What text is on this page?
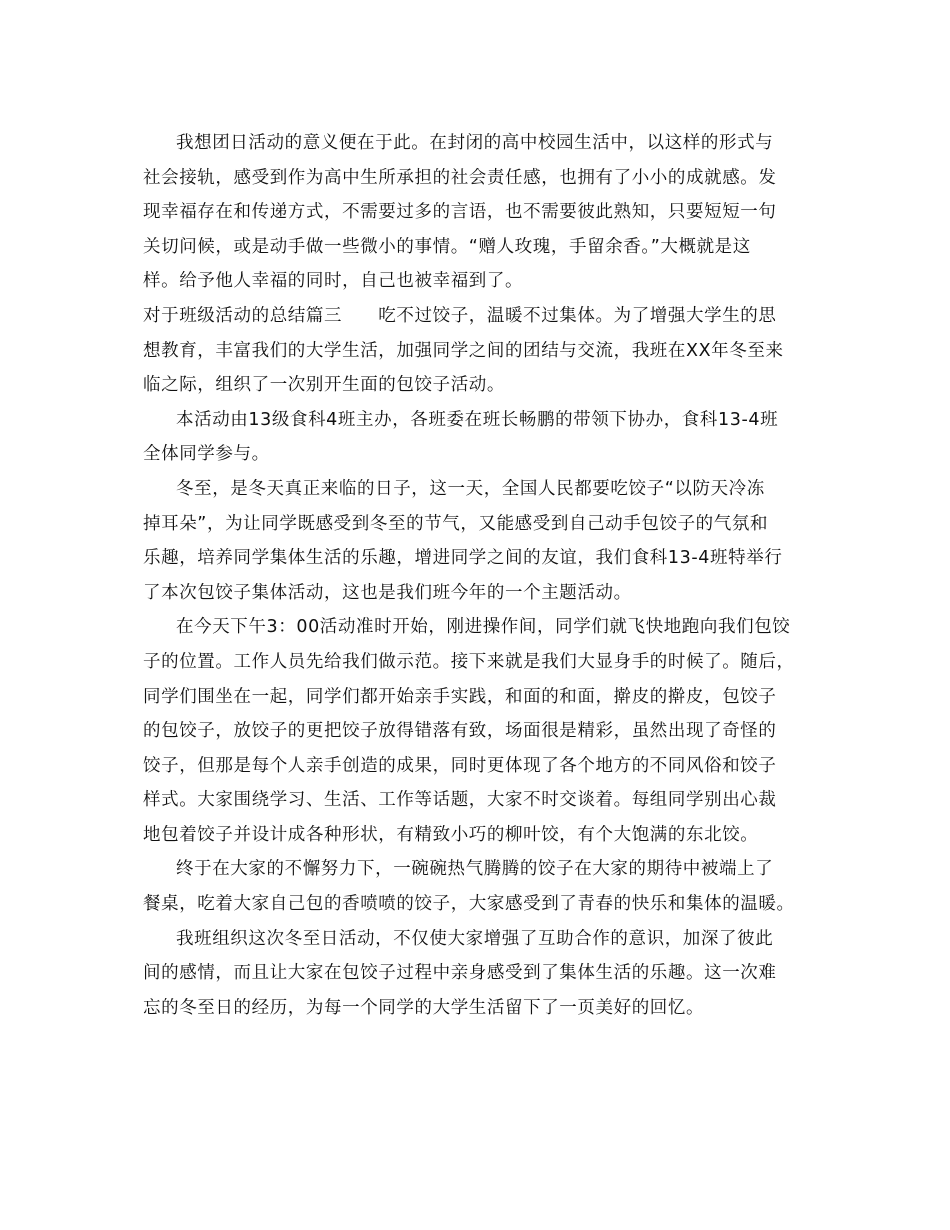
我想团日活动的意义便在于此。在封闭的高中校园生活中，以这样的形式与
社会接轨，感受到作为高中生所承担的社会责任感，也拥有了小小的成就感。发
现幸福存在和传递方式，不需要过多的言语，也不需要彼此熟知，只要短短一句
关切问候，或是动手做一些微小的事情。“赠人玫瑰，手留余香。”大概就是这
样。给予他人幸福的同时，自己也被幸福到了。
对于班级活动的总结篇三　　吃不过饺子，温暖不过集体。为了增强大学生的思
想教育，丰富我们的大学生活，加强同学之间的团结与交流，我班在XX年冬至来
临之际，组织了一次别开生面的包饺子活动。
本活动由13级食科4班主办，各班委在班长畅鹏的带领下协办，食科13-4班
全体同学参与。
冬至，是冬天真正来临的日子，这一天，全国人民都要吃饺子“以防天冷冻
掉耳朵”，为让同学既感受到冬至的节气，又能感受到自己动手包饺子的气氛和
乐趣，培养同学集体生活的乐趣，增进同学之间的友谊，我们食科13-4班特举行
了本次包饺子集体活动，这也是我们班今年的一个主题活动。
在今天下午3：00活动准时开始，刚进操作间，同学们就飞快地跑向我们包饺
子的位置。工作人员先给我们做示范。接下来就是我们大显身手的时候了。随后，
同学们围坐在一起，同学们都开始亲手实践，和面的和面，擀皮的擀皮，包饺子
的包饺子，放饺子的更把饺子放得错落有致，场面很是精彩，虽然出现了奇怪的
饺子，但那是每个人亲手创造的成果，同时更体现了各个地方的不同风俗和饺子
样式。大家围绕学习、生活、工作等话题，大家不时交谈着。每组同学别出心裁
地包着饺子并设计成各种形状，有精致小巧的柳叶饺，有个大饱满的东北饺。
终于在大家的不懈努力下，一碗碗热气腾腾的饺子在大家的期待中被端上了
餐桌，吃着大家自己包的香喷喷的饺子，大家感受到了青春的快乐和集体的温暖。
我班组织这次冬至日活动，不仅使大家增强了互助合作的意识，加深了彼此
间的感情，而且让大家在包饺子过程中亲身感受到了集体生活的乐趣。这一次难
忘的冬至日的经历，为每一个同学的大学生活留下了一页美好的回忆。
